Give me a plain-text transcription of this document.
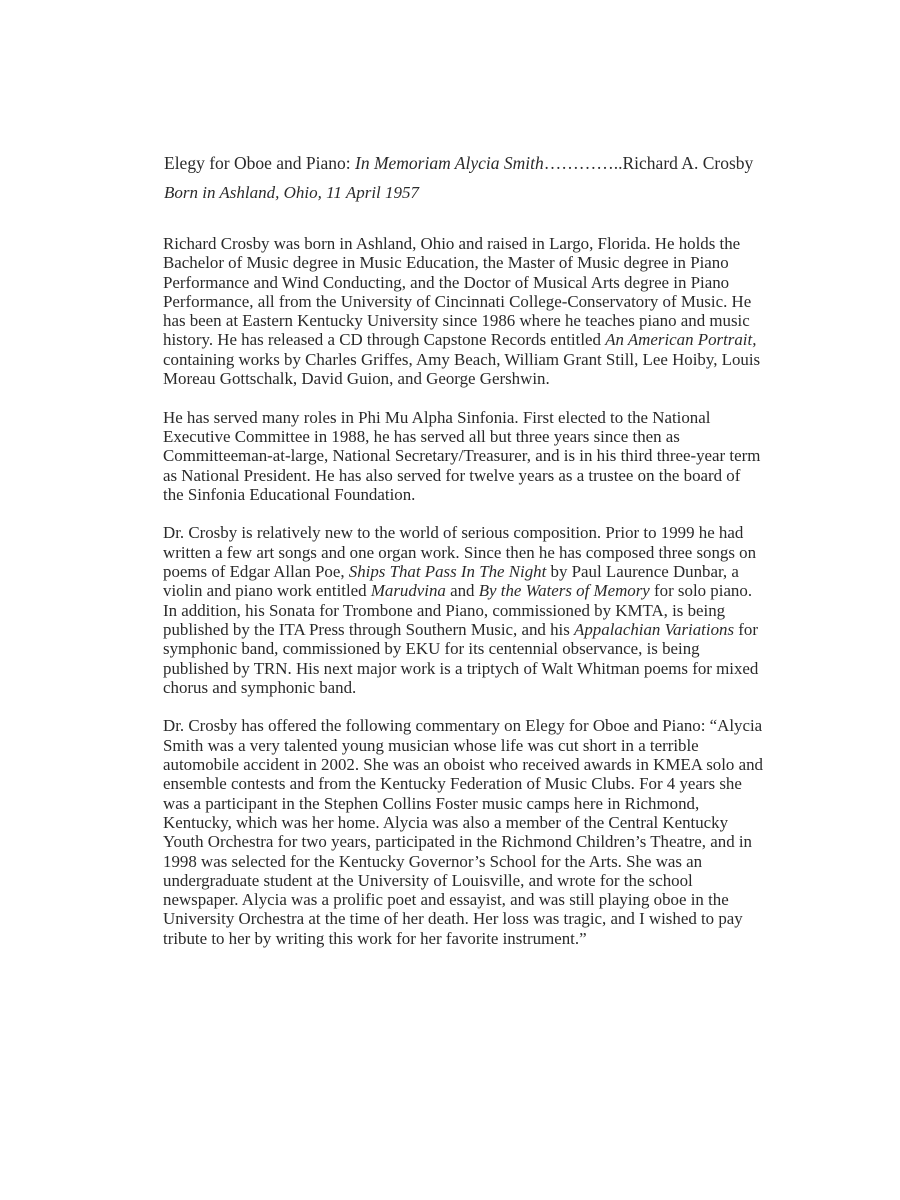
Elegy for Oboe and Piano: In Memoriam Alycia Smith…………..Richard A. Crosby
Born in Ashland, Ohio, 11 April 1957

Richard Crosby was born in Ashland, Ohio and raised in Largo, Florida. He holds the Bachelor of Music degree in Music Education, the Master of Music degree in Piano Performance and Wind Conducting, and the Doctor of Musical Arts degree in Piano Performance, all from the University of Cincinnati College-Conservatory of Music. He has been at Eastern Kentucky University since 1986 where he teaches piano and music history. He has released a CD through Capstone Records entitled An American Portrait, containing works by Charles Griffes, Amy Beach, William Grant Still, Lee Hoiby, Louis Moreau Gottschalk, David Guion, and George Gershwin.

He has served many roles in Phi Mu Alpha Sinfonia. First elected to the National Executive Committee in 1988, he has served all but three years since then as Committeeman-at-large, National Secretary/Treasurer, and is in his third three-year term as National President. He has also served for twelve years as a trustee on the board of the Sinfonia Educational Foundation.

Dr. Crosby is relatively new to the world of serious composition. Prior to 1999 he had written a few art songs and one organ work. Since then he has composed three songs on poems of Edgar Allan Poe, Ships That Pass In The Night by Paul Laurence Dunbar, a violin and piano work entitled Marudvina and By the Waters of Memory for solo piano. In addition, his Sonata for Trombone and Piano, commissioned by KMTA, is being published by the ITA Press through Southern Music, and his Appalachian Variations for symphonic band, commissioned by EKU for its centennial observance, is being published by TRN. His next major work is a triptych of Walt Whitman poems for mixed chorus and symphonic band.

Dr. Crosby has offered the following commentary on Elegy for Oboe and Piano: “Alycia Smith was a very talented young musician whose life was cut short in a terrible automobile accident in 2002. She was an oboist who received awards in KMEA solo and ensemble contests and from the Kentucky Federation of Music Clubs. For 4 years she was a participant in the Stephen Collins Foster music camps here in Richmond, Kentucky, which was her home. Alycia was also a member of the Central Kentucky Youth Orchestra for two years, participated in the Richmond Children’s Theatre, and in 1998 was selected for the Kentucky Governor’s School for the Arts. She was an undergraduate student at the University of Louisville, and wrote for the school newspaper. Alycia was a prolific poet and essayist, and was still playing oboe in the University Orchestra at the time of her death. Her loss was tragic, and I wished to pay tribute to her by writing this work for her favorite instrument.”
